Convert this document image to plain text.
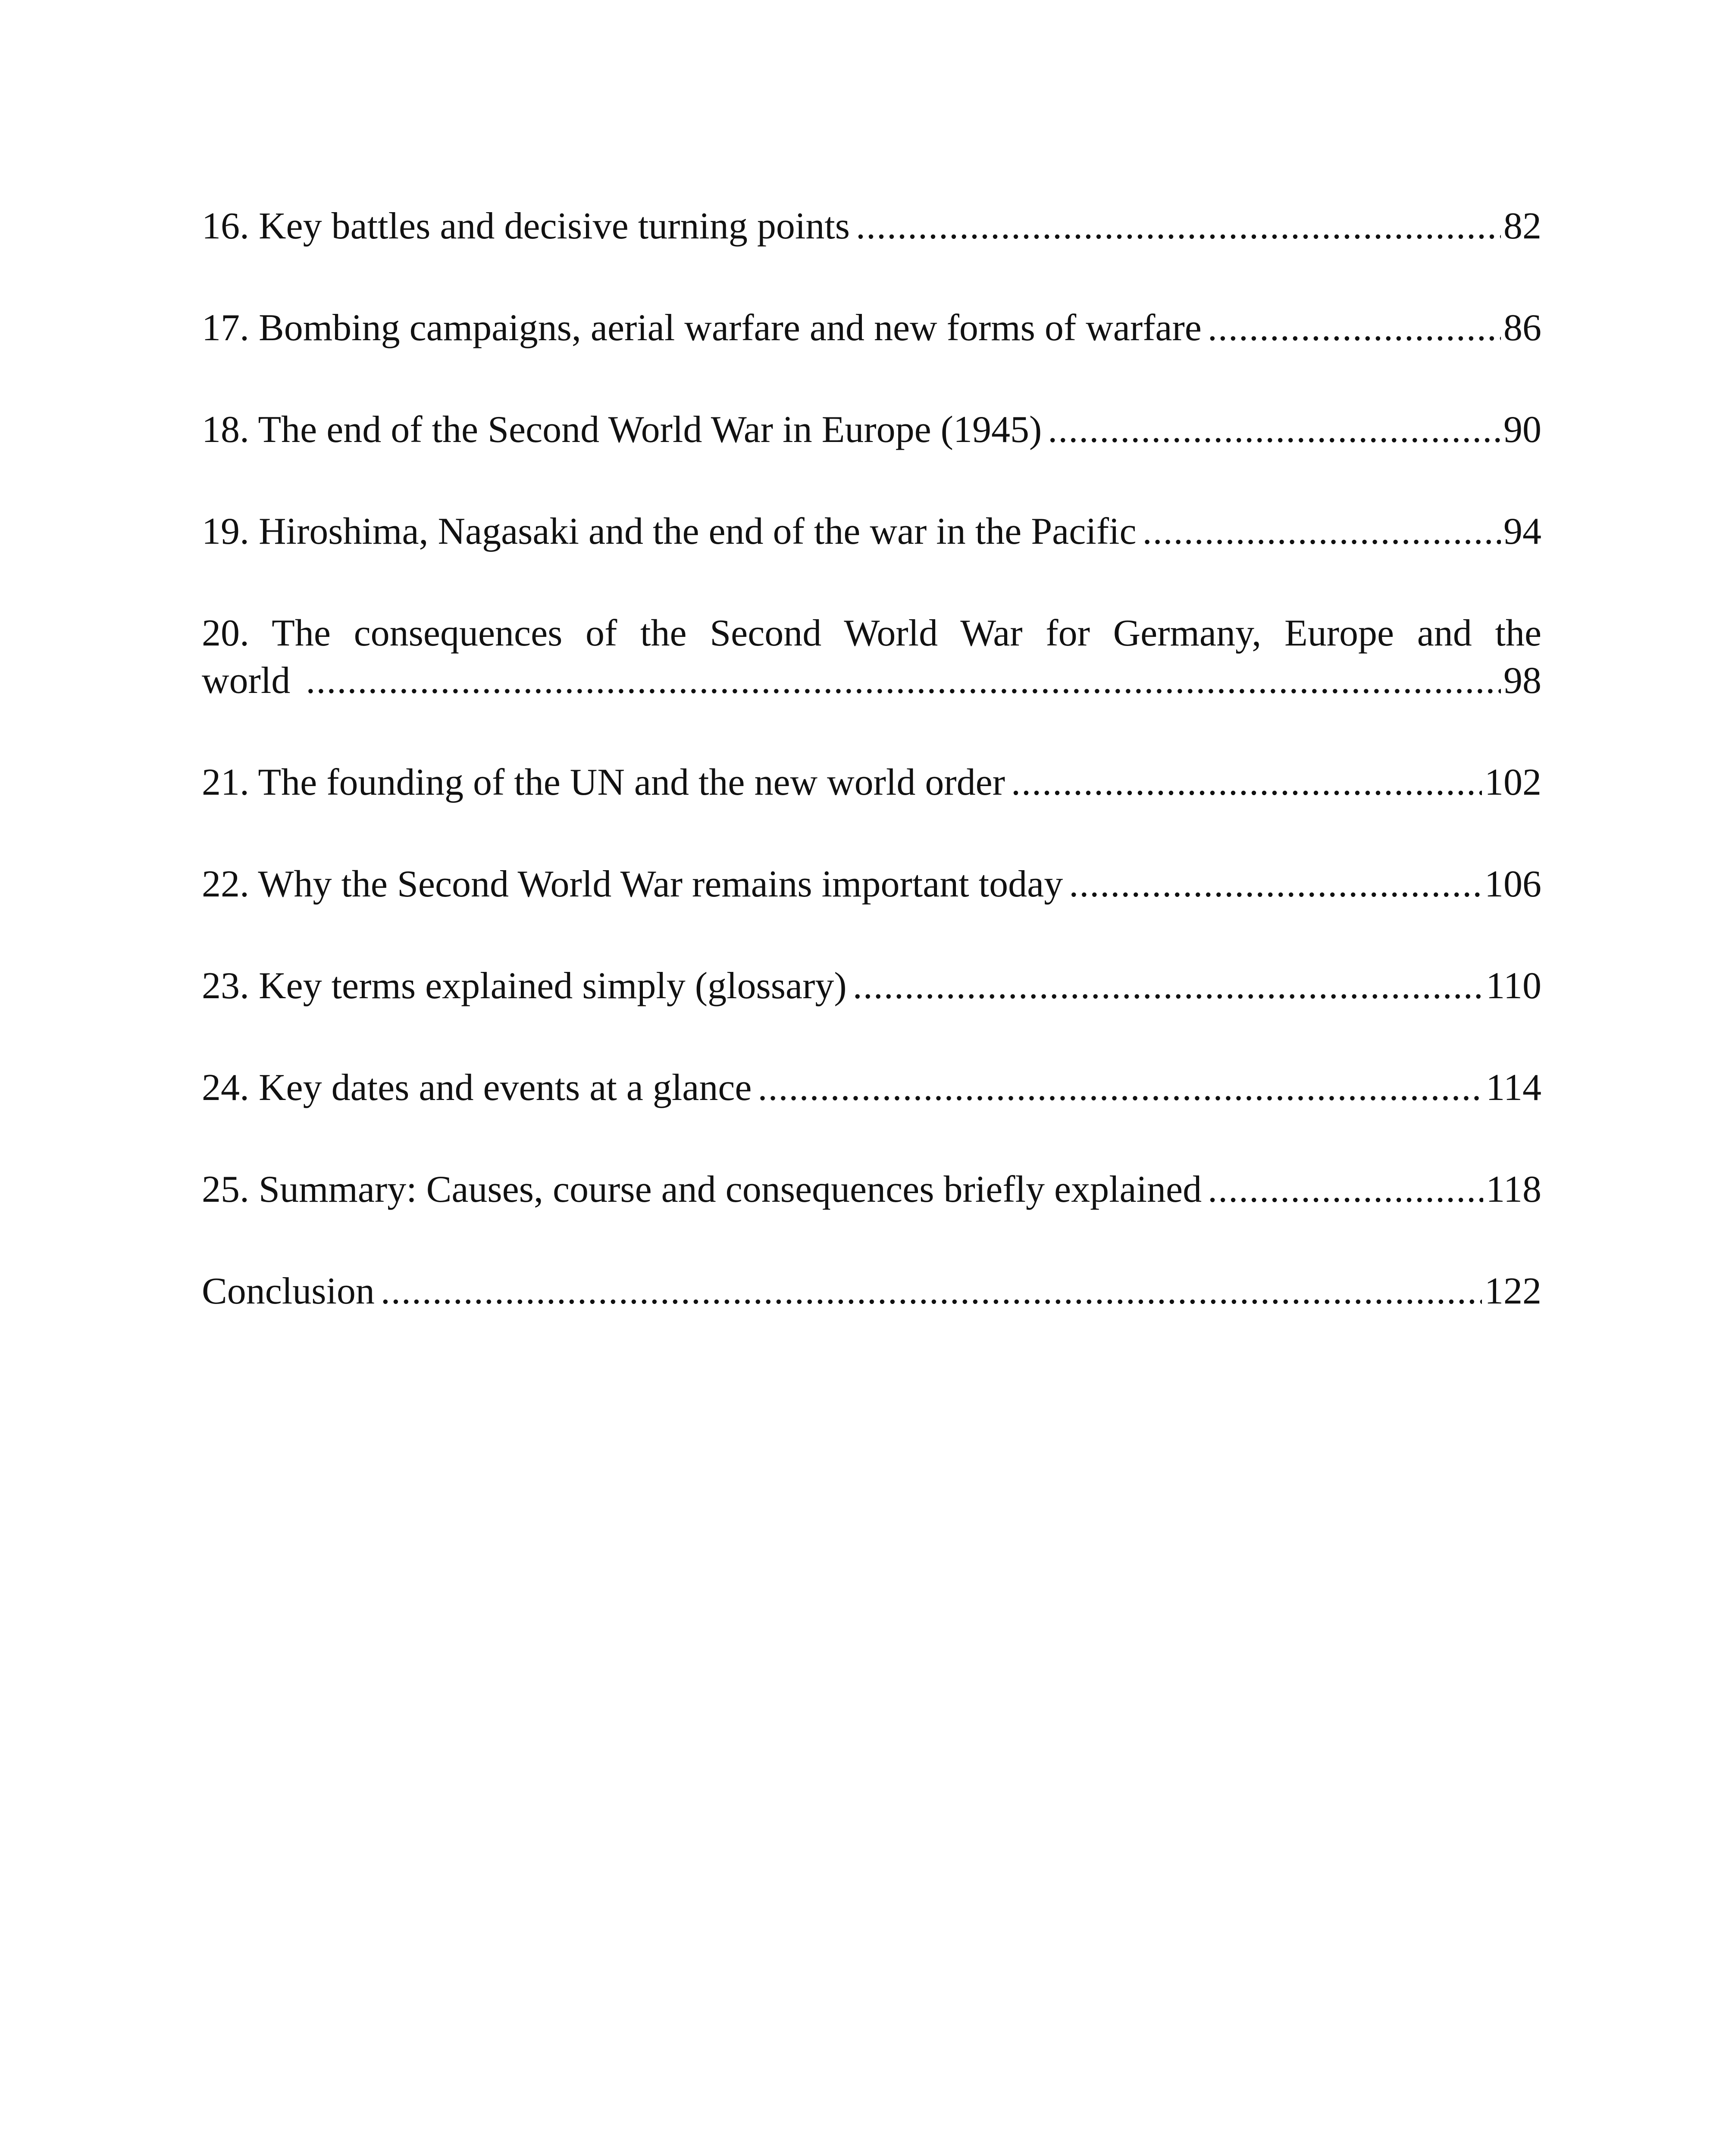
16. Key battles and decisive turning points .....	82
17. Bombing campaigns, aerial warfare and new forms of warfare .....	86
18. The end of the Second World War in Europe (1945) .....	90
19. Hiroshima, Nagasaki and the end of the war in the Pacific .....	94
20. The consequences of the Second World War for Germany, Europe and the
world .....	98
21. The founding of the UN and the new world order .....	102
22. Why the Second World War remains important today .....	106
23. Key terms explained simply (glossary) .....	110
24. Key dates and events at a glance .....	114
25. Summary: Causes, course and consequences briefly explained .....	118
Conclusion .....	122
